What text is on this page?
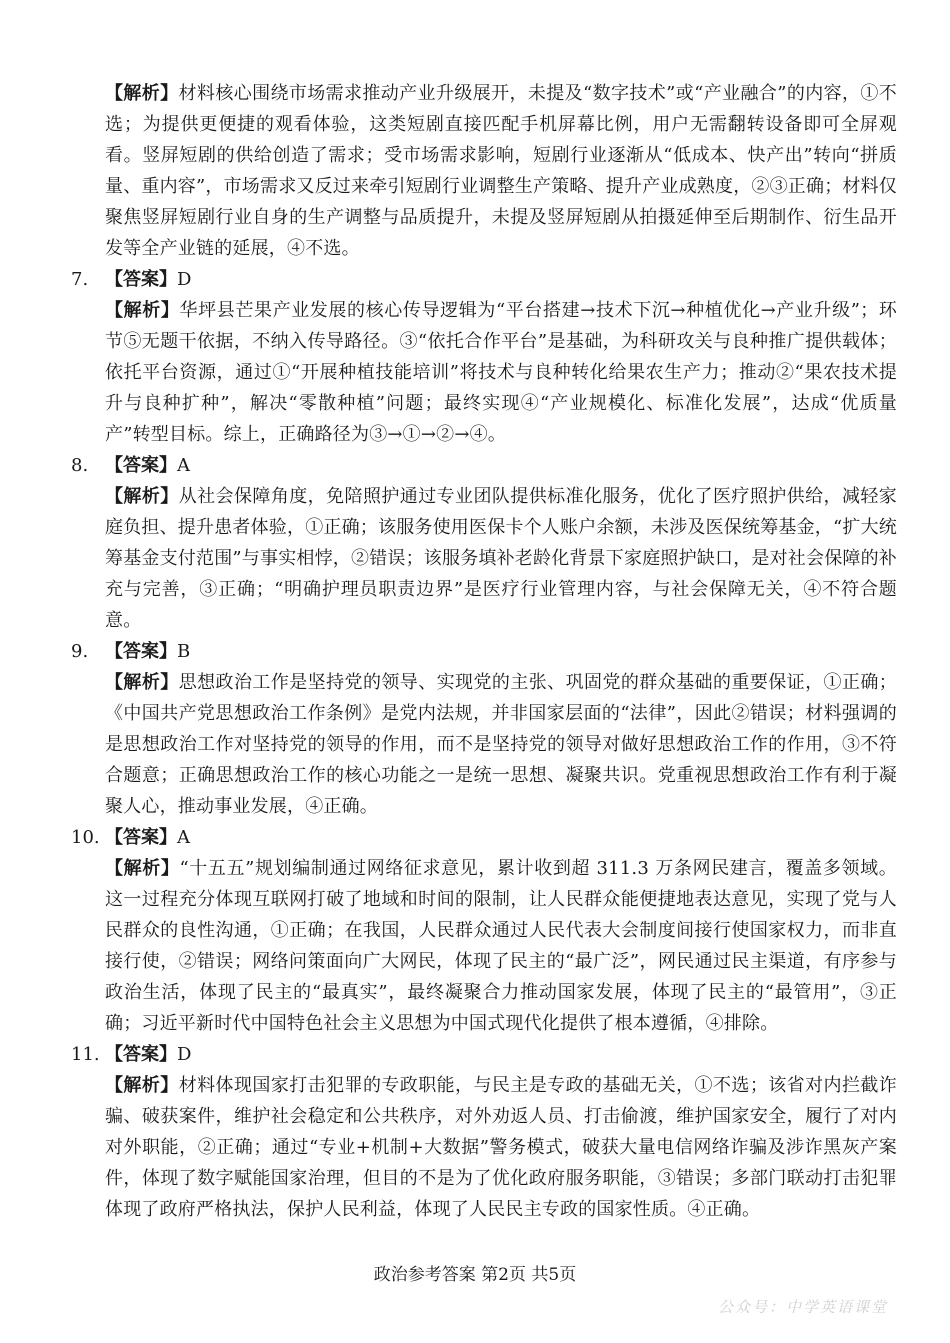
【解析】材料核心围绕市场需求推动产业升级展开，未提及“数字技术”或“产业融合”的内容，①不选；为提供更便捷的观看体验，这类短剧直接匹配手机屏幕比例，用户无需翻转设备即可全屏观看。竖屏短剧的供给创造了需求；受市场需求影响，短剧行业逐渐从“低成本、快产出”转向“拼质量、重内容”，市场需求又反过来牵引短剧行业调整生产策略、提升产业成熟度，②③正确；材料仅聚焦竖屏短剧行业自身的生产调整与品质提升，未提及竖屏短剧从拍摄延伸至后期制作、衍生品开发等全产业链的延展，④不选。

7. 【答案】D

【解析】华坪县芒果产业发展的核心传导逻辑为“平台搭建→技术下沉→种植优化→产业升级”；环节⑤无题干依据，不纳入传导路径。③“依托合作平台”是基础，为科研攻关与良种推广提供载体；依托平台资源，通过①“开展种植技能培训”将技术与良种转化给果农生产力；推动②“果农技术提升与良种扩种”，解决“零散种植”问题；最终实现④“产业规模化、标准化发展”，达成“优质量产”转型目标。综上，正确路径为③→①→②→④。

8. 【答案】A

【解析】从社会保障角度，免陪照护通过专业团队提供标准化服务，优化了医疗照护供给，减轻家庭负担、提升患者体验，①正确；该服务使用医保卡个人账户余额，未涉及医保统筹基金，“扩大统筹基金支付范围”与事实相悖，②错误；该服务填补老龄化背景下家庭照护缺口，是对社会保障的补充与完善，③正确；“明确护理员职责边界”是医疗行业管理内容，与社会保障无关，④不符合题意。

9. 【答案】B

【解析】思想政治工作是坚持党的领导、实现党的主张、巩固党的群众基础的重要保证，①正确；《中国共产党思想政治工作条例》是党内法规，并非国家层面的“法律”，因此②错误；材料强调的是思想政治工作对坚持党的领导的作用，而不是坚持党的领导对做好思想政治工作的作用，③不符合题意；正确思想政治工作的核心功能之一是统一思想、凝聚共识。党重视思想政治工作有利于凝聚人心，推动事业发展，④正确。

10. 【答案】A

【解析】“十五五”规划编制通过网络征求意见，累计收到超 311.3 万条网民建言，覆盖多领域。这一过程充分体现互联网打破了地域和时间的限制，让人民群众能便捷地表达意见，实现了党与人民群众的良性沟通，①正确；在我国，人民群众通过人民代表大会制度间接行使国家权力，而非直接行使，②错误；网络问策面向广大网民，体现了民主的“最广泛”，网民通过民主渠道，有序参与政治生活，体现了民主的“最真实”，最终凝聚合力推动国家发展，体现了民主的“最管用”，③正确；习近平新时代中国特色社会主义思想为中国式现代化提供了根本遵循，④排除。

11. 【答案】D

【解析】材料体现国家打击犯罪的专政职能，与民主是专政的基础无关，①不选；该省对内拦截诈骗、破获案件，维护社会稳定和公共秩序，对外劝返人员、打击偷渡，维护国家安全，履行了对内对外职能，②正确；通过“专业+机制+大数据”警务模式，破获大量电信网络诈骗及涉诈黑灰产案件，体现了数字赋能国家治理，但目的不是为了优化政府服务职能，③错误；多部门联动打击犯罪体现了政府严格执法，保护人民利益，体现了人民民主专政的国家性质。④正确。

政治参考答案 第2页 共5页
公众号：中学英语课堂
